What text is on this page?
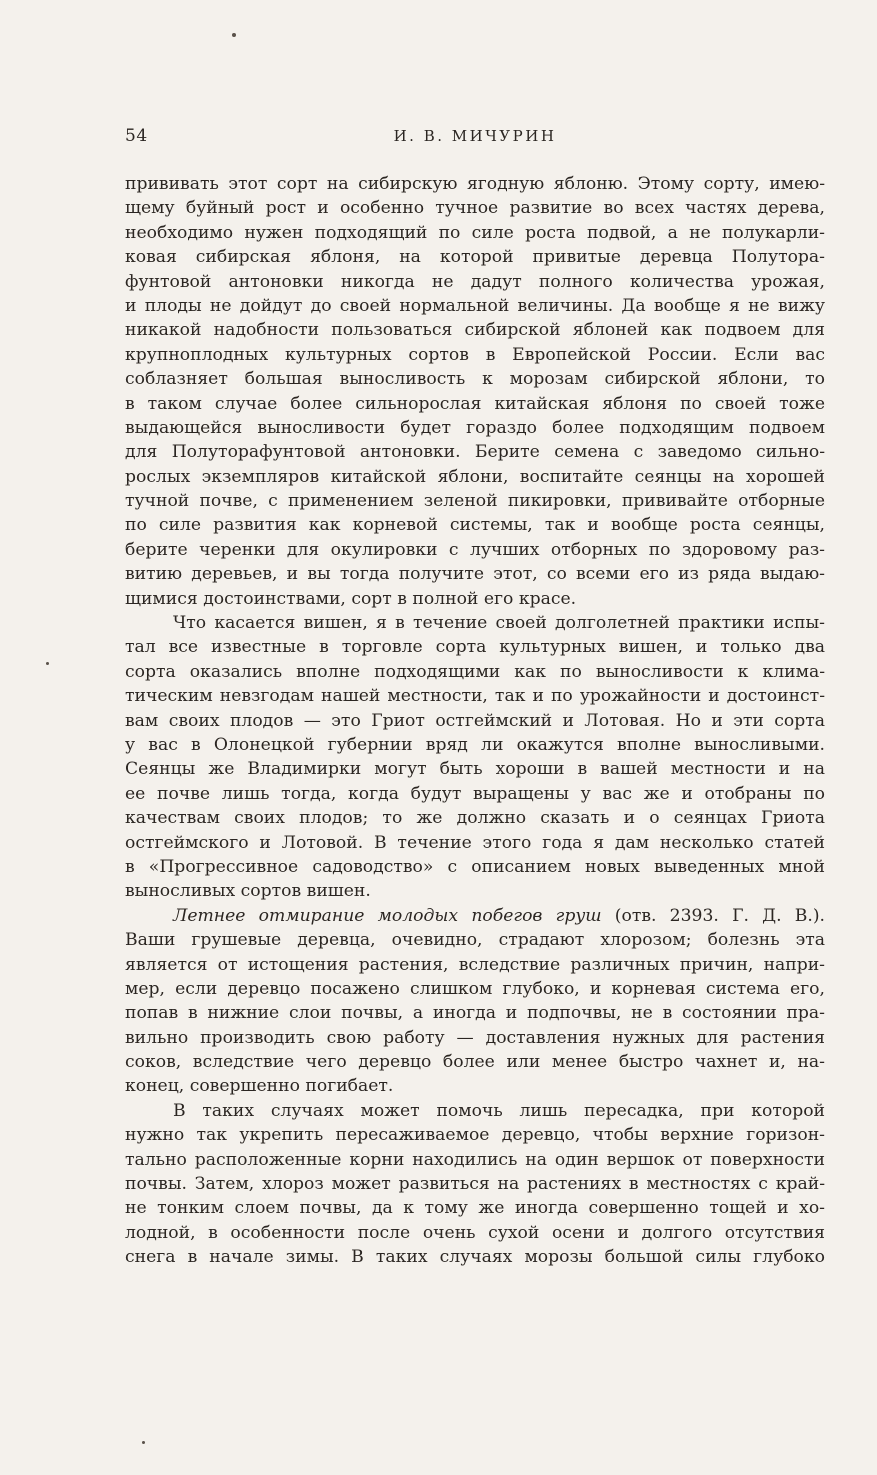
54	И. В. МИЧУРИН
прививать этот сорт на сибирскую ягодную яблоню. Этому сорту, имею-
щему буйный рост и особенно тучное развитие во всех частях дерева,
необходимо нужен подходящий по силе роста подвой, а не полукарли-
ковая сибирская яблоня, на которой привитые деревца Полутора-
фунтовой антоновки никогда не дадут полного количества урожая,
и плоды не дойдут до своей нормальной величины. Да вообще я не вижу
никакой надобности пользоваться сибирской яблоней как подвоем для
крупноплодных культурных сортов в Европейской России. Если вас
соблазняет большая выносливость к морозам сибирской яблони, то
в таком случае более сильнорослая китайская яблоня по своей тоже
выдающейся выносливости будет гораздо более подходящим подвоем
для Полуторафунтовой антоновки. Берите семена с заведомо сильно-
рослых экземпляров китайской яблони, воспитайте сеянцы на хорошей
тучной почве, с применением зеленой пикировки, прививайте отборные
по силе развития как корневой системы, так и вообще роста сеянцы,
берите черенки для окулировки с лучших отборных по здоровому раз-
витию деревьев, и вы тогда получите этот, со всеми его из ряда выдаю-
щимися достоинствами, сорт в полной его красе.
Что касается вишен, я в течение своей долголетней практики испы-
тал все известные в торговле сорта культурных вишен, и только два
сорта оказались вполне подходящими как по выносливости к клима-
тическим невзгодам нашей местности, так и по урожайности и достоинст-
вам своих плодов — это Гриот остгеймский и Лотовая. Но и эти сорта
у вас в Олонецкой губернии вряд ли окажутся вполне выносливыми.
Сеянцы же Владимирки могут быть хороши в вашей местности и на
ее почве лишь тогда, когда будут выращены у вас же и отобраны по
качествам своих плодов; то же должно сказать и о сеянцах Гриота
остгеймского и Лотовой. В течение этого года я дам несколько статей
в «Прогрессивное садоводство» с описанием новых выведенных мной
выносливых сортов вишен.
Летнее отмирание молодых побегов груш (отв. 2393. Г. Д. В.).
Ваши грушевые деревца, очевидно, страдают хлорозом; болезнь эта
является от истощения растения, вследствие различных причин, напри-
мер, если деревцо посажено слишком глубоко, и корневая система его,
попав в нижние слои почвы, а иногда и подпочвы, не в состоянии пра-
вильно производить свою работу — доставления нужных для растения
соков, вследствие чего деревцо более или менее быстро чахнет и, на-
конец, совершенно погибает.
В таких случаях может помочь лишь пересадка, при которой
нужно так укрепить пересаживаемое деревцо, чтобы верхние горизон-
тально расположенные корни находились на один вершок от поверхности
почвы. Затем, хлороз может развиться на растениях в местностях с край-
не тонким слоем почвы, да к тому же иногда совершенно тощей и хо-
лодной, в особенности после очень сухой осени и долгого отсутствия
снега в начале зимы. В таких случаях морозы большой силы глубоко
